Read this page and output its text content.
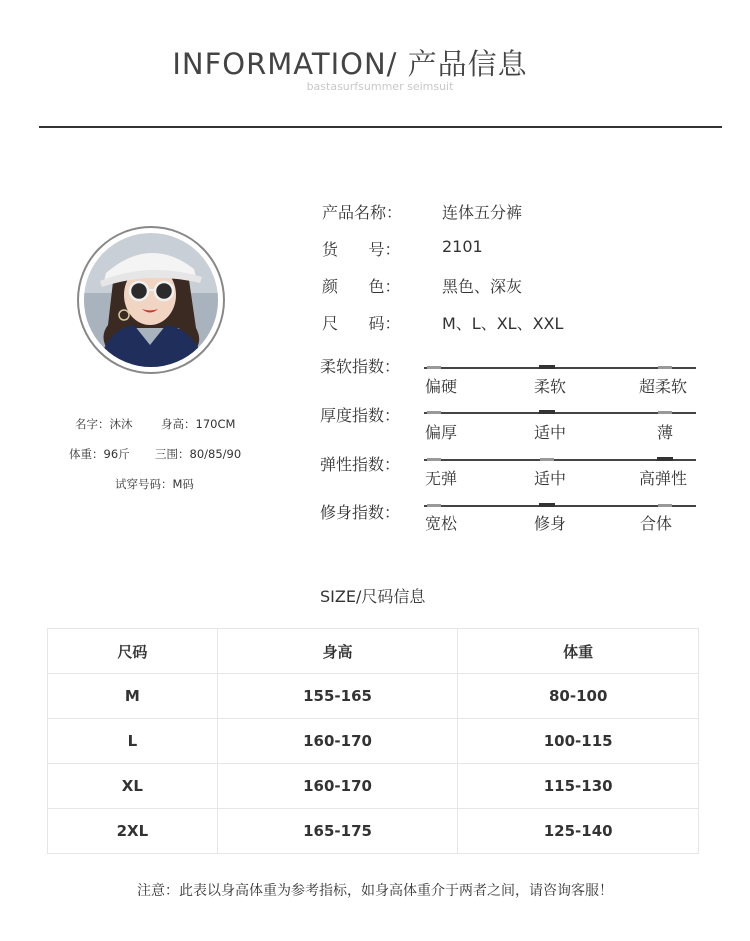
INFORMATION/ 产品信息
bastasurfsummer seimsuit
名字：沐沐 身高：170CM
体重：96斤 三围：80/85/90
试穿号码：M码
产品名称： 连体五分裤
货      号：	2101
颜      色：	黑色、深灰
尺      码：	M、L、XL、XXL
柔软指数：
偏硬	柔软	超柔软
厚度指数：
偏厚	适中	薄
弹性指数：
无弹	适中	高弹性
修身指数：
宽松	修身	合体
SIZE/尺码信息
尺码	身高	体重
M	155-165	80-100
L	160-170	100-115
XL	160-170	115-130
2XL	165-175	125-140
注意：此表以身高体重为参考指标，如身高体重介于两者之间，请咨询客服！
